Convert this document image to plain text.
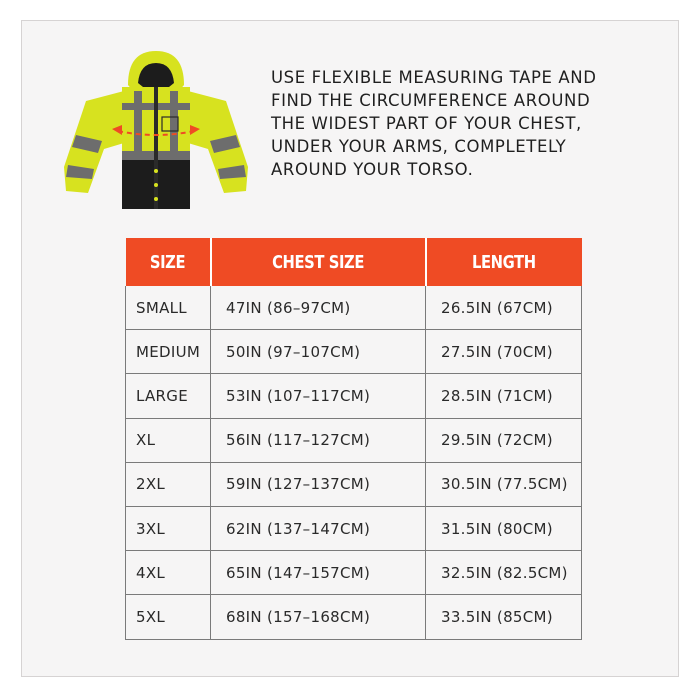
USE FLEXIBLE MEASURING TAPE AND
FIND THE CIRCUMFERENCE AROUND
THE WIDEST PART OF YOUR CHEST,
UNDER YOUR ARMS, COMPLETELY
AROUND YOUR TORSO.

SIZE	CHEST SIZE	LENGTH
SMALL	47IN (86–97CM)	26.5IN (67CM)
MEDIUM	50IN (97–107CM)	27.5IN (70CM)
LARGE	53IN (107–117CM)	28.5IN (71CM)
XL	56IN (117–127CM)	29.5IN (72CM)
2XL	59IN (127–137CM)	30.5IN (77.5CM)
3XL	62IN (137–147CM)	31.5IN (80CM)
4XL	65IN (147–157CM)	32.5IN (82.5CM)
5XL	68IN (157–168CM)	33.5IN (85CM)
